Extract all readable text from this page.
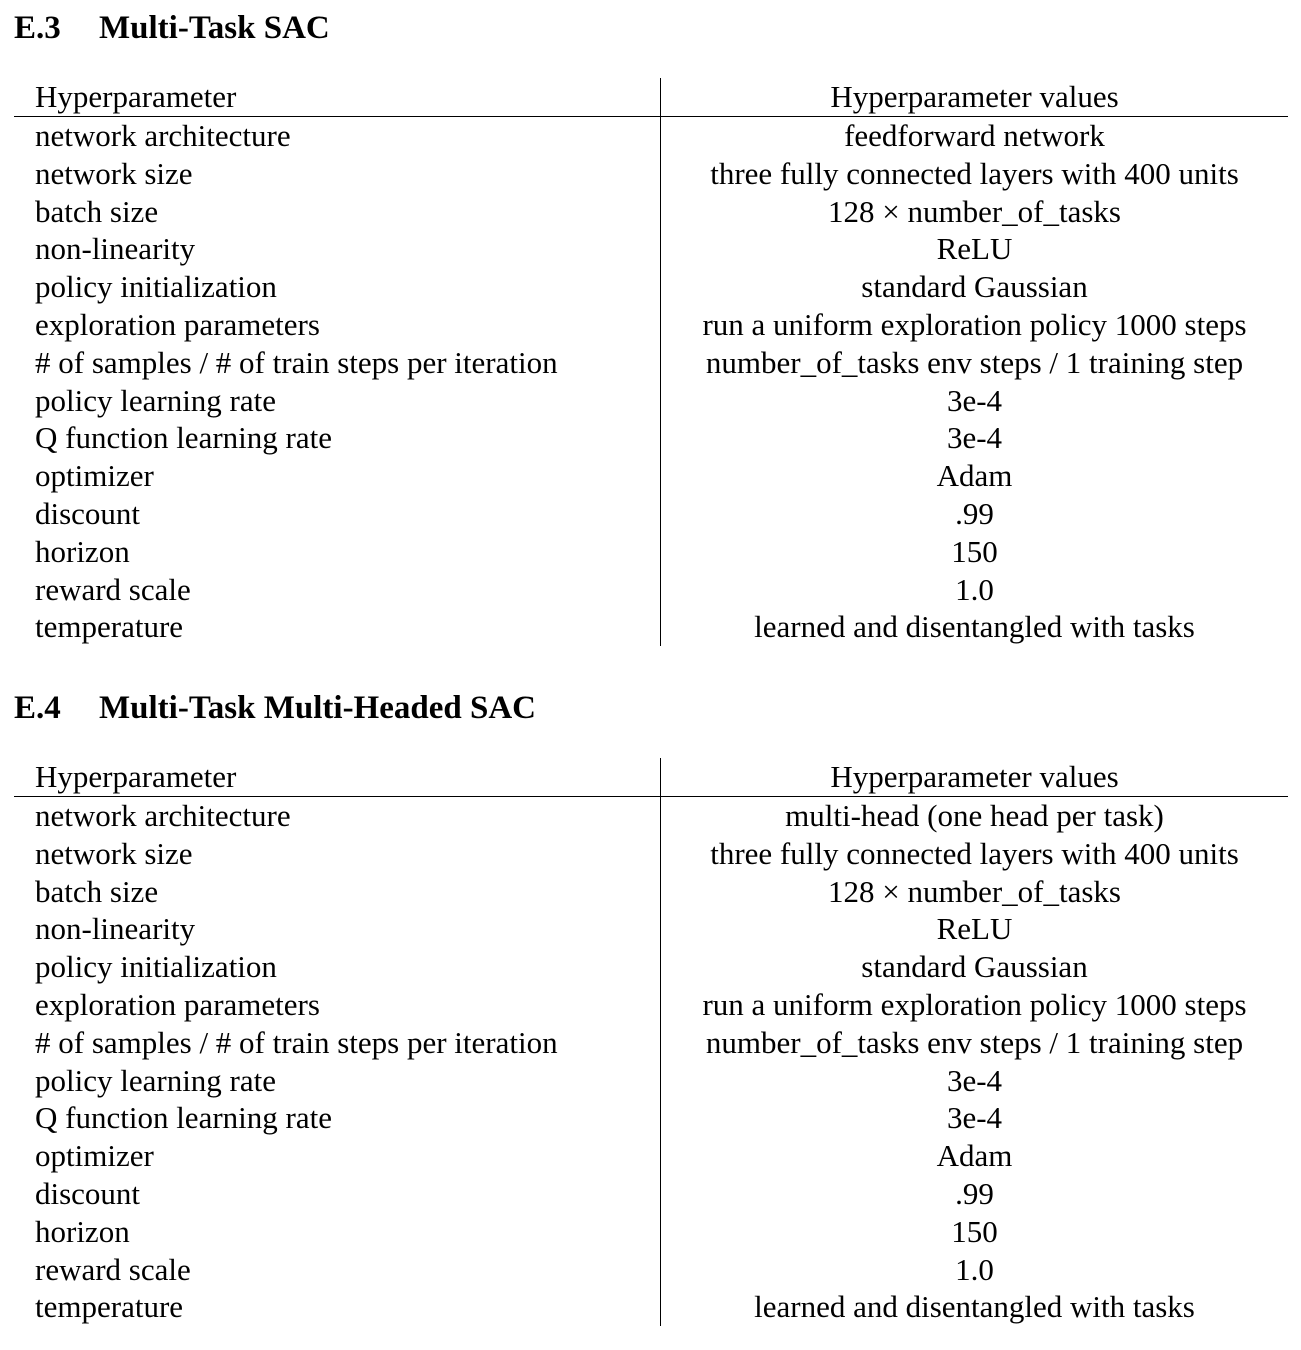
E.3 Multi-Task SAC
Hyperparameter	Hyperparameter values
network architecture	feedforward network
network size	three fully connected layers with 400 units
batch size	128 × number_of_tasks
non-linearity	ReLU
policy initialization	standard Gaussian
exploration parameters	run a uniform exploration policy 1000 steps
# of samples / # of train steps per iteration	number_of_tasks env steps / 1 training step
policy learning rate	3e-4
Q function learning rate	3e-4
optimizer	Adam
discount	.99
horizon	150
reward scale	1.0
temperature	learned and disentangled with tasks
E.4 Multi-Task Multi-Headed SAC
Hyperparameter	Hyperparameter values
network architecture	multi-head (one head per task)
network size	three fully connected layers with 400 units
batch size	128 × number_of_tasks
non-linearity	ReLU
policy initialization	standard Gaussian
exploration parameters	run a uniform exploration policy 1000 steps
# of samples / # of train steps per iteration	number_of_tasks env steps / 1 training step
policy learning rate	3e-4
Q function learning rate	3e-4
optimizer	Adam
discount	.99
horizon	150
reward scale	1.0
temperature	learned and disentangled with tasks
